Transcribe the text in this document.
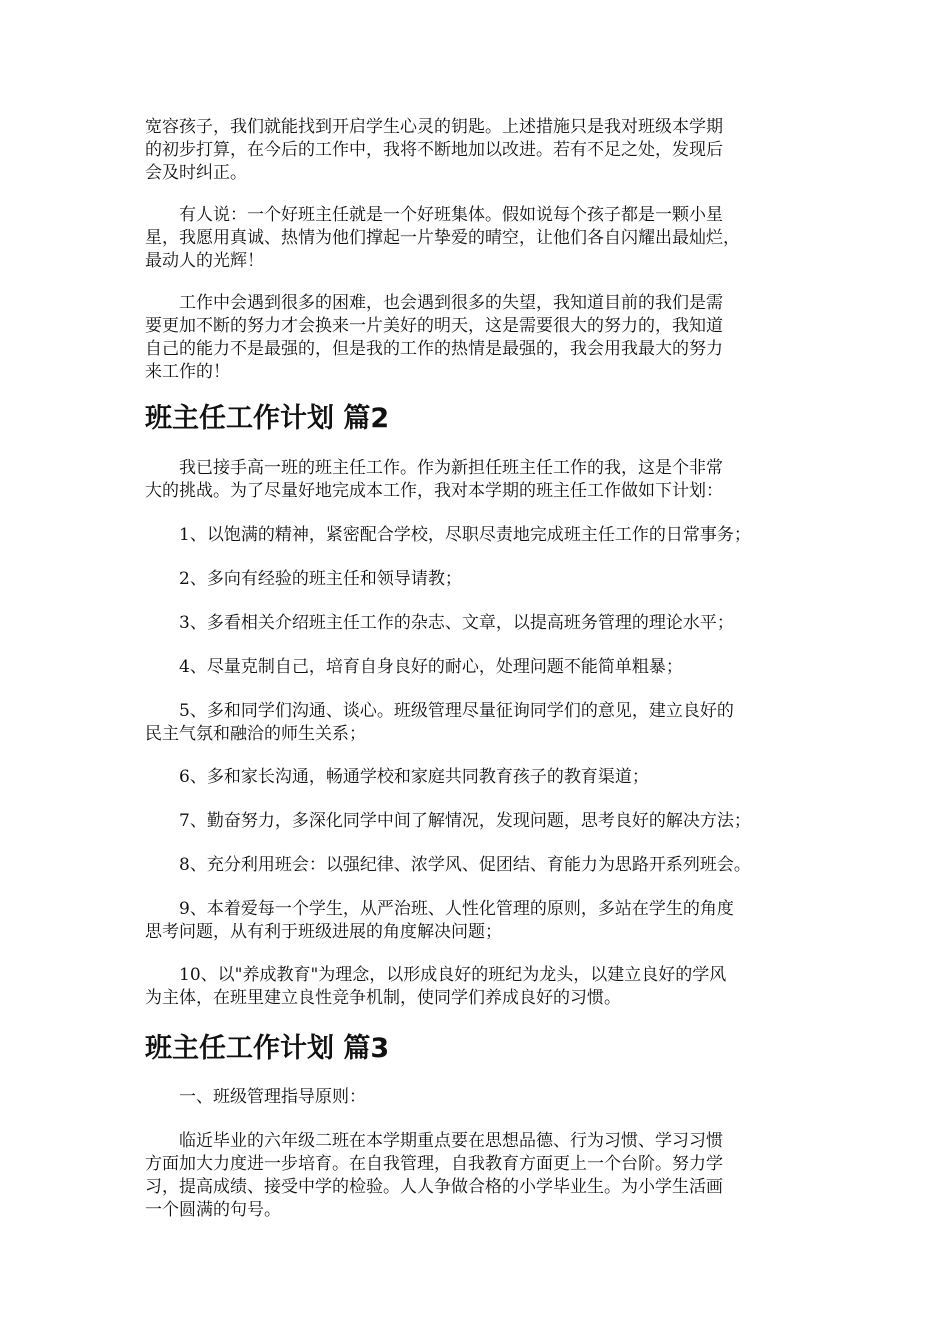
宽容孩子，我们就能找到开启学生心灵的钥匙。上述措施只是我对班级本学期
的初步打算，在今后的工作中，我将不断地加以改进。若有不足之处，发现后
会及时纠正。
　　有人说：一个好班主任就是一个好班集体。假如说每个孩子都是一颗小星
星，我愿用真诚、热情为他们撑起一片挚爱的晴空，让他们各自闪耀出最灿烂，
最动人的光辉！
　　工作中会遇到很多的困难，也会遇到很多的失望，我知道目前的我们是需
要更加不断的努力才会换来一片美好的明天，这是需要很大的努力的，我知道
自己的能力不是最强的，但是我的工作的热情是最强的，我会用我最大的努力
来工作的！
班主任工作计划 篇2
　　我已接手高一班的班主任工作。作为新担任班主任工作的我，这是个非常
大的挑战。为了尽量好地完成本工作，我对本学期的班主任工作做如下计划：
　　1、以饱满的精神，紧密配合学校，尽职尽责地完成班主任工作的日常事务；
　　2、多向有经验的班主任和领导请教；
　　3、多看相关介绍班主任工作的杂志、文章，以提高班务管理的理论水平；
　　4、尽量克制自己，培育自身良好的耐心，处理问题不能简单粗暴；
　　5、多和同学们沟通、谈心。班级管理尽量征询同学们的意见，建立良好的
民主气氛和融洽的师生关系；
　　6、多和家长沟通，畅通学校和家庭共同教育孩子的教育渠道；
　　7、勤奋努力，多深化同学中间了解情况，发现问题，思考良好的解决方法；
　　8、充分利用班会：以强纪律、浓学风、促团结、育能力为思路开系列班会。
　　9、本着爱每一个学生，从严治班、人性化管理的原则，多站在学生的角度
思考问题，从有利于班级进展的角度解决问题；
　　10、以"养成教育"为理念，以形成良好的班纪为龙头，以建立良好的学风
为主体，在班里建立良性竞争机制，使同学们养成良好的习惯。
班主任工作计划 篇3
　　一、班级管理指导原则：
　　临近毕业的六年级二班在本学期重点要在思想品德、行为习惯、学习习惯
方面加大力度进一步培育。在自我管理，自我教育方面更上一个台阶。努力学
习，提高成绩、接受中学的检验。人人争做合格的小学毕业生。为小学生活画
一个圆满的句号。
